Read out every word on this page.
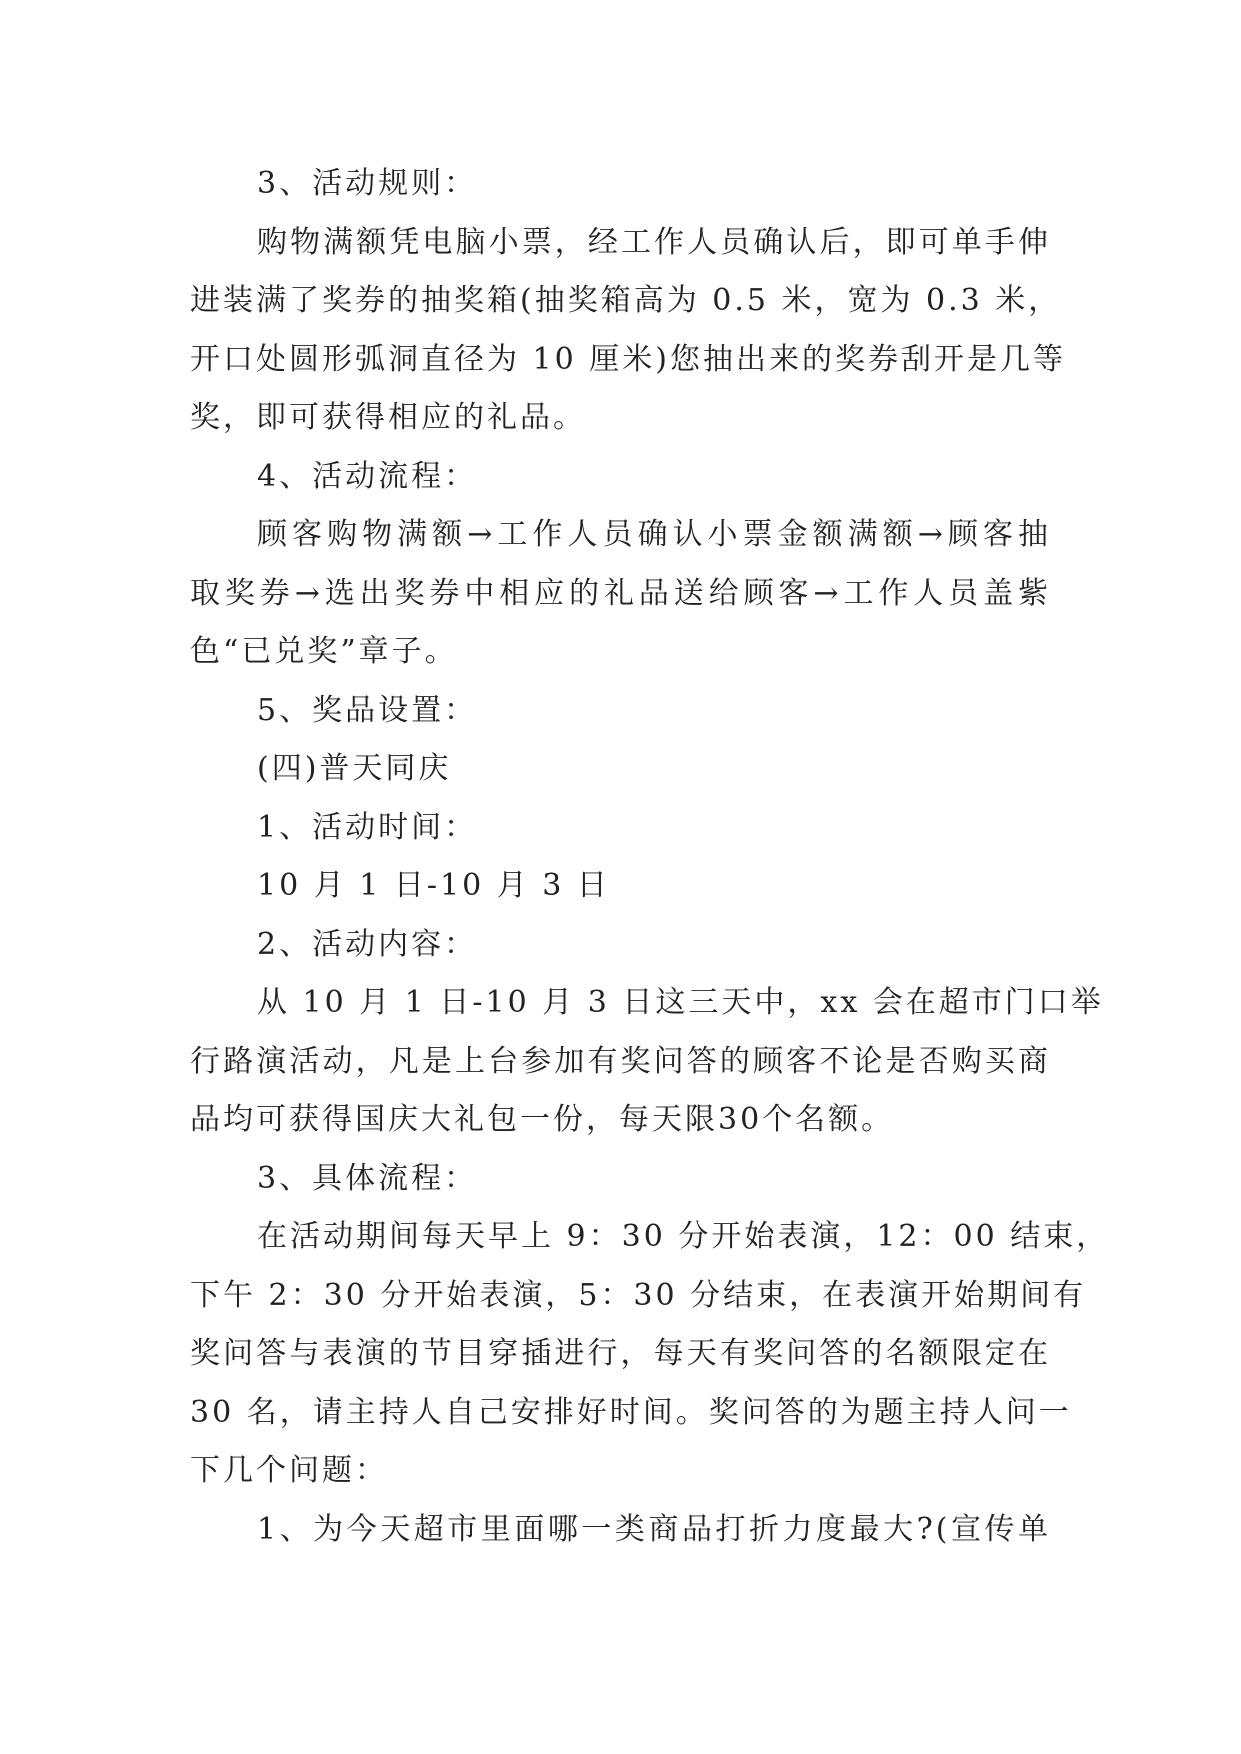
3、活动规则：
购物满额凭电脑小票，经工作人员确认后，即可单手伸
进装满了奖券的抽奖箱(抽奖箱高为 0.5 米，宽为 0.3 米，
开口处圆形弧洞直径为 10 厘米)您抽出来的奖券刮开是几等
奖，即可获得相应的礼品。
4、活动流程：
顾客购物满额→工作人员确认小票金额满额→顾客抽
取奖券→选出奖券中相应的礼品送给顾客→工作人员盖紫
色“已兑奖”章子。
5、奖品设置：
(四)普天同庆
1、活动时间：
10 月 1 日-10 月 3 日
2、活动内容：
从 10 月 1 日-10 月 3 日这三天中，xx 会在超市门口举
行路演活动，凡是上台参加有奖问答的顾客不论是否购买商
品均可获得国庆大礼包一份，每天限30个名额。
3、具体流程：
在活动期间每天早上 9：30 分开始表演，12：00 结束，
下午 2：30 分开始表演，5：30 分结束，在表演开始期间有
奖问答与表演的节目穿插进行，每天有奖问答的名额限定在
30 名，请主持人自己安排好时间。奖问答的为题主持人问一
下几个问题：
1、为今天超市里面哪一类商品打折力度最大?(宣传单
